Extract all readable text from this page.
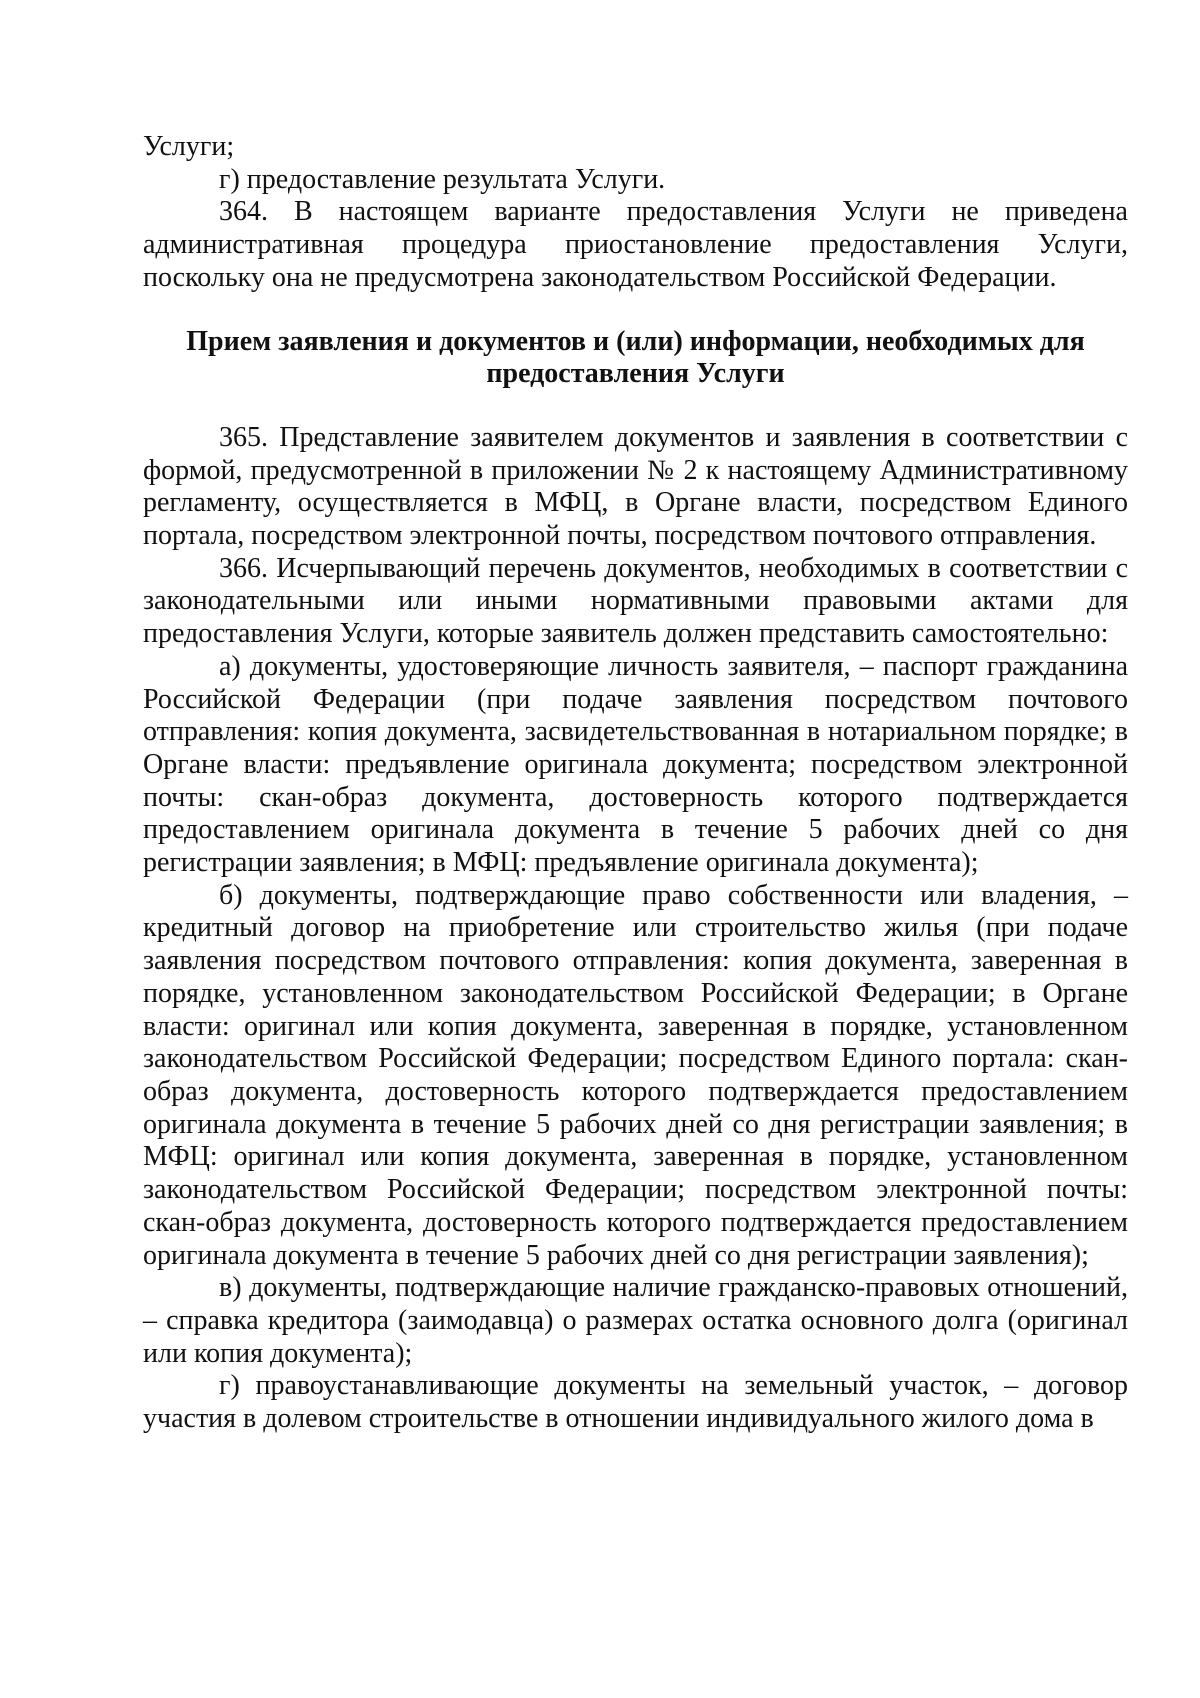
Услуги;

г) предоставление результата Услуги.

364. В настоящем варианте предоставления Услуги не приведена административная процедура приостановление предоставления Услуги, поскольку она не предусмотрена законодательством Российской Федерации.

Прием заявления и документов и (или) информации, необходимых для
предоставления Услуги

365. Представление заявителем документов и заявления в соответствии с формой, предусмотренной в приложении № 2 к настоящему Административному регламенту, осуществляется в МФЦ, в Органе власти, посредством Единого портала, посредством электронной почты, посредством почтового отправления.

366. Исчерпывающий перечень документов, необходимых в соответствии с законодательными или иными нормативными правовыми актами для предоставления Услуги, которые заявитель должен представить самостоятельно:

а) документы, удостоверяющие личность заявителя, – паспорт гражданина Российской Федерации (при подаче заявления посредством почтового отправления: копия документа, засвидетельствованная в нотариальном порядке; в Органе власти: предъявление оригинала документа; посредством электронной почты: скан-образ документа, достоверность которого подтверждается предоставлением оригинала документа в течение 5 рабочих дней со дня регистрации заявления; в МФЦ: предъявление оригинала документа);

б) документы, подтверждающие право собственности или владения, – кредитный договор на приобретение или строительство жилья (при подаче заявления посредством почтового отправления: копия документа, заверенная в порядке, установленном законодательством Российской Федерации; в Органе власти: оригинал или копия документа, заверенная в порядке, установленном законодательством Российской Федерации; посредством Единого портала: скан-образ документа, достоверность которого подтверждается предоставлением оригинала документа в течение 5 рабочих дней со дня регистрации заявления; в МФЦ: оригинал или копия документа, заверенная в порядке, установленном законодательством Российской Федерации; посредством электронной почты: скан-образ документа, достоверность которого подтверждается предоставлением оригинала документа в течение 5 рабочих дней со дня регистрации заявления);

в) документы, подтверждающие наличие гражданско-правовых отношений, – справка кредитора (заимодавца) о размерах остатка основного долга (оригинал или копия документа);

г) правоустанавливающие документы на земельный участок, – договор участия в долевом строительстве в отношении индивидуального жилого дома в
